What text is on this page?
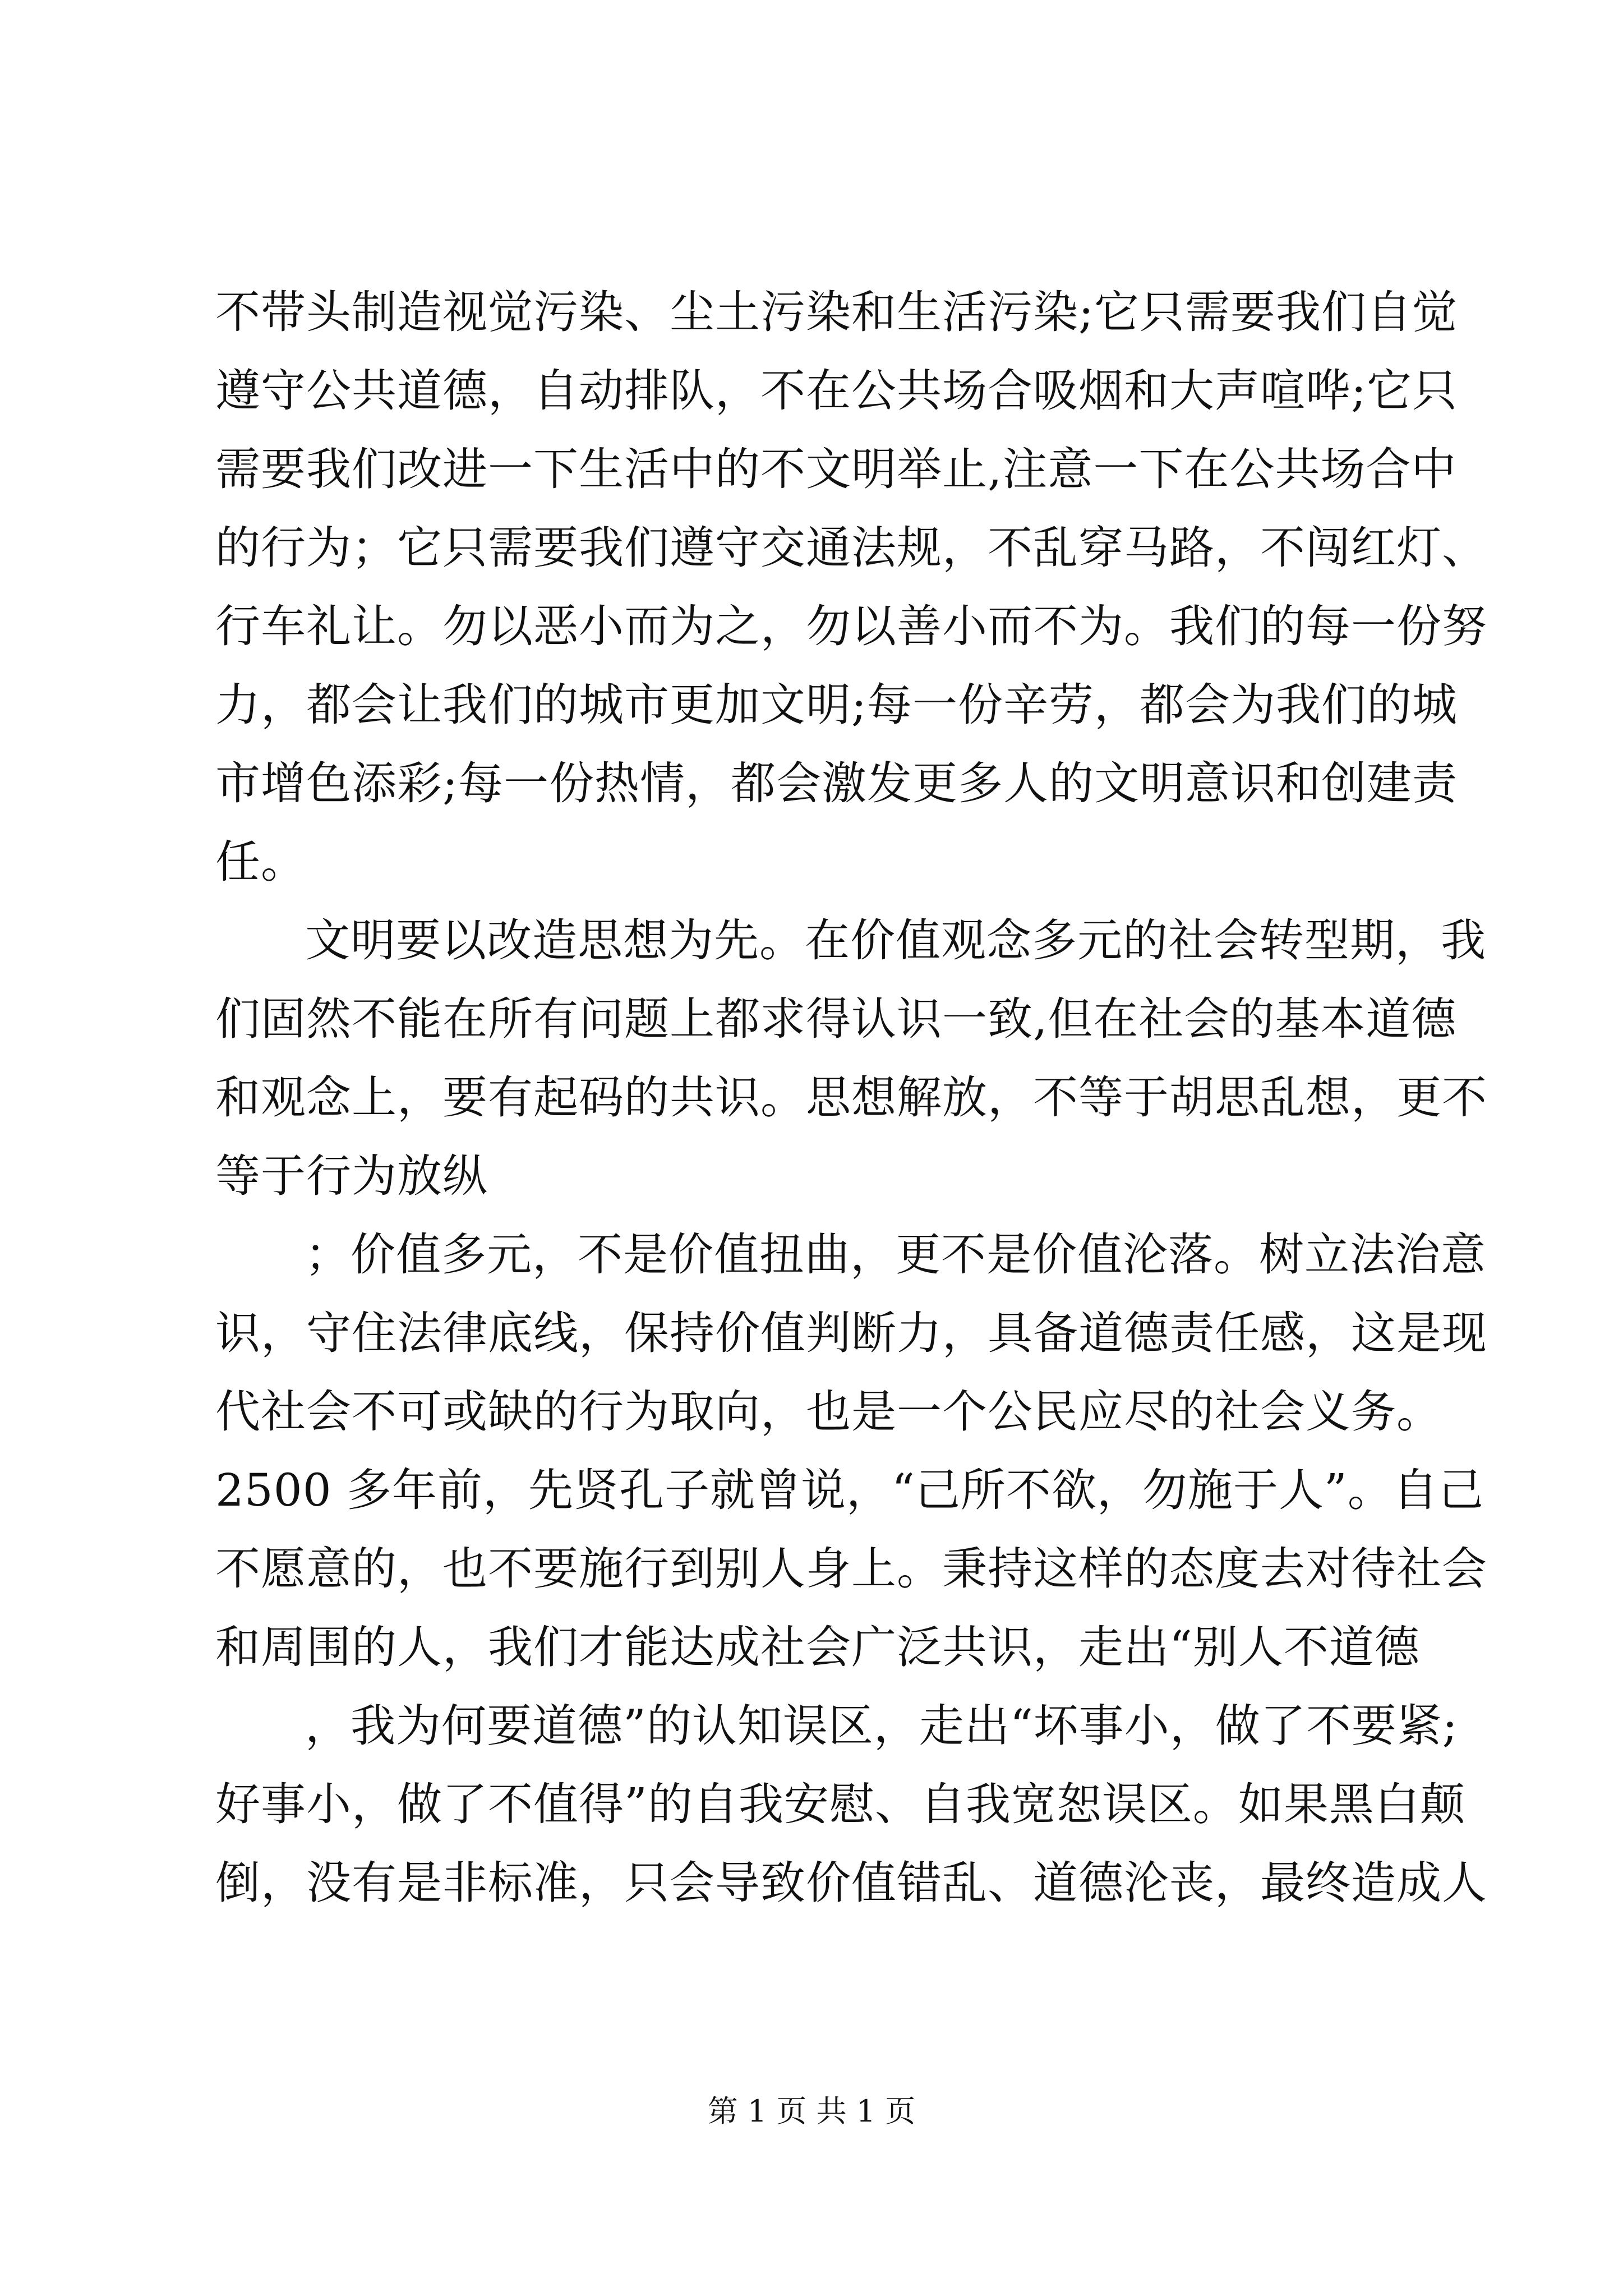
不带头制造视觉污染、尘土污染和生活污染;它只需要我们自觉
遵守公共道德，自动排队，不在公共场合吸烟和大声喧哗;它只
需要我们改进一下生活中的不文明举止,注意一下在公共场合中
的行为；它只需要我们遵守交通法规，不乱穿马路，不闯红灯、
行车礼让。勿以恶小而为之，勿以善小而不为。我们的每一份努
力，都会让我们的城市更加文明;每一份辛劳，都会为我们的城
市增色添彩;每一份热情，都会激发更多人的文明意识和创建责
任。
文明要以改造思想为先。在价值观念多元的社会转型期，我
们固然不能在所有问题上都求得认识一致,但在社会的基本道德
和观念上，要有起码的共识。思想解放，不等于胡思乱想，更不
等于行为放纵
；价值多元，不是价值扭曲，更不是价值沦落。树立法治意
识，守住法律底线，保持价值判断力，具备道德责任感，这是现
代社会不可或缺的行为取向，也是一个公民应尽的社会义务。
2500 多年前，先贤孔子就曾说，“己所不欲，勿施于人”。自己
不愿意的，也不要施行到别人身上。秉持这样的态度去对待社会
和周围的人，我们才能达成社会广泛共识，走出“别人不道德
，我为何要道德”的认知误区，走出“坏事小，做了不要紧;
好事小，做了不值得”的自我安慰、自我宽恕误区。如果黑白颠
倒，没有是非标准，只会导致价值错乱、道德沦丧，最终造成人
第 1 页 共 1 页
